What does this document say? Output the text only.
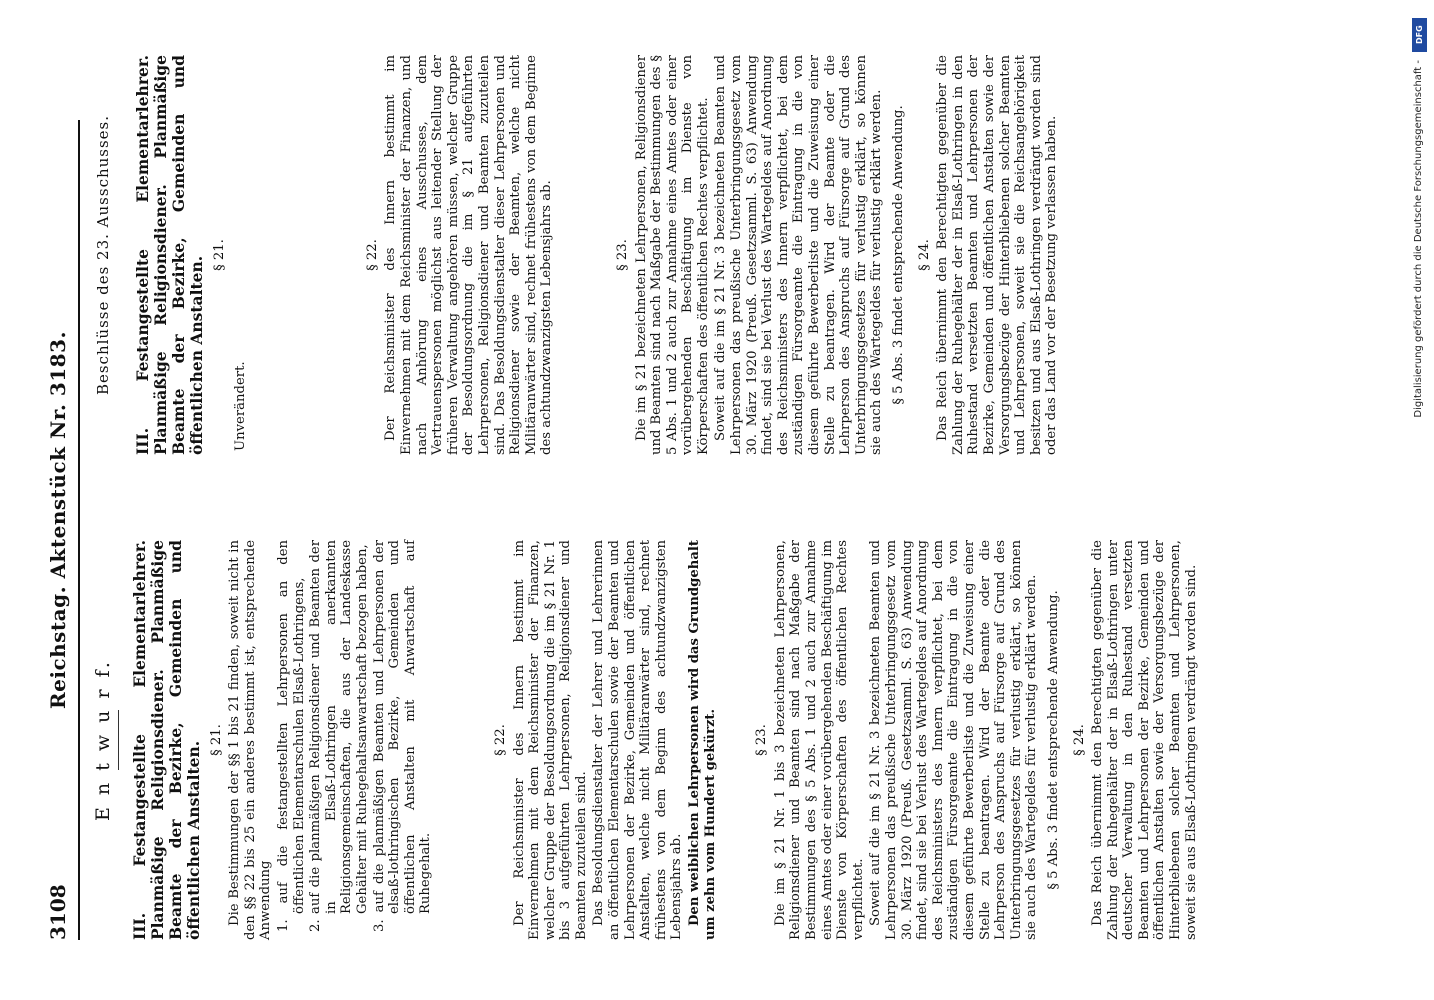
3108
Reichstag. Aktenstück Nr. 3183.
E n t w u r f. III. Festangestellte Elementarlehrer. Planmäßige Religionsdiener. Planmäßige Beamte der Bezirke, Gemeinden und öffentlichen Anstalten.
§ 21. Die Bestimmungen der §§ 1 bis 21 finden, soweit nicht in den §§ 22 bis 25 ein anderes bestimmt ist, entsprechende Anwendung 1. auf die festangestellten Lehrpersonen an den öffentlichen Elementarschulen Elsaß-Lothringens, 2. auf die planmäßigen Religionsdiener und Beamten der in Elsaß-Lothringen anerkannten Religionsgemeinschaften, die aus der Landeskasse Gehälter mit Ruhegehaltsanwartschaft bezogen haben, 3. auf die planmäßigen Beamten und Lehrpersonen der elsaß-lothringischen Bezirke, Gemeinden und öffentlichen Anstalten mit Anwartschaft auf Ruhegehalt.
§ 22. Der Reichsminister des Innern bestimmt im Einvernehmen mit dem Reichsminister der Finanzen, welcher Gruppe der Besoldungsordnung die im § 21 Nr. 1 bis 3 aufgeführten Lehrpersonen, Religionsdiener und Beamten zuzuteilen sind. Das Besoldungsdienstalter der Lehrer und Lehrerinnen an öffentlichen Elementarschulen sowie der Beamten und Lehrpersonen der Bezirke, Gemeinden und öffentlichen Anstalten, welche nicht Militäranwärter sind, rechnet frühestens von dem Beginn des achtundzwanzigsten Lebensjahrs ab. Den weiblichen Lehrpersonen wird das Grundgehalt um zehn vom Hundert gekürzt.	§ 23. Die im § 21 Nr. 1 bis 3 bezeichneten Lehrpersonen, Religionsdiener und Beamten sind nach Maßgabe der Bestimmungen des § 5 Abs. 1 und 2 auch zur Annahme eines Amtes oder einer vorübergehenden Beschäftigung im Dienste von Körperschaften des öffentlichen Rechtes verpflichtet. Soweit auf die im § 21 Nr. 3 bezeichneten Beamten und Lehrpersonen das preußische Unterbringungsgesetz vom 30. März 1920 (Preuß. Gesetzsamml. S. 63) Anwendung findet, sind sie bei Verlust des Wartegeldes auf Anordnung des Reichsministers des Innern verpflichtet, bei dem zuständigen Fürsorgeamte die Eintragung in die von diesem geführte Bewerberliste und die Zuweisung einer Stelle zu beantragen. Wird der Beamte oder die Lehrperson des Anspruchs auf Fürsorge auf Grund des Unterbringungsgesetzes für verlustig erklärt, so können sie auch des Wartegeldes für verlustig erklärt werden. § 5 Abs. 3 findet entsprechende Anwendung. § 24. Das Reich übernimmt den Berechtigten gegenüber die Zahlung der Ruhegehälter der in Elsaß-Lothringen unter deutscher Verwaltung in den Ruhestand versetzten Beamten und Lehrpersonen der Bezirke, Gemeinden und öffentlichen Anstalten sowie der Versorgungsbezüge der Hinterbliebenen solcher Beamten und Lehrpersonen, soweit sie aus Elsaß-Lothringen verdrängt worden sind.
Beschlüsse des 23. Ausschusses. III. Festangestellte Elementarlehrer. Planmäßige Religionsdiener. Planmäßige Beamte der Bezirke, Gemeinden und öffentlichen Anstalten.
§ 21.
Unverändert.
§ 22. Der Reichsminister des Innern bestimmt im Einvernehmen mit dem Reichsminister der Finanzen, und nach Anhörung eines Ausschusses, dem Vertrauenspersonen möglichst aus leitender Stellung der früheren Verwaltung angehören müssen, welcher Gruppe der Besoldungsordnung die im § 21 aufgeführten Lehrpersonen, Religionsdiener und Beamten zuzuteilen sind. Das Besoldungsdienstalter dieser Lehrpersonen und Religionsdiener sowie der Beamten, welche nicht Militäranwärter sind, rechnet frühestens von dem Beginne des achtundzwanzigsten Lebensjahrs ab.	§ 23. Die im § 21 bezeichneten Lehrpersonen, Religionsdiener und Beamten sind nach Maßgabe der Bestimmungen des § 5 Abs. 1 und 2 auch zur Annahme eines Amtes oder einer vorübergehenden Beschäftigung im Dienste von Körperschaften des öffentlichen Rechtes verpflichtet. Soweit auf die im § 21 Nr. 3 bezeichneten Beamten und Lehrpersonen das preußische Unterbringungsgesetz vom 30. März 1920 (Preuß. Gesetzsamml. S. 63) Anwendung findet, sind sie bei Verlust des Wartegeldes auf Anordnung des Reichsministers des Innern verpflichtet, bei dem zuständigen Fürsorgeamte die Eintragung in die von diesem geführte Bewerberliste und die Zuweisung einer Stelle zu beantragen. Wird der Beamte oder die Lehrperson des Anspruchs auf Fürsorge auf Grund des Unterbringungsgesetzes für verlustig erklärt, so können sie auch des Wartegeldes für verlustig erklärt werden. § 5 Abs. 3 findet entsprechende Anwendung. § 24. Das Reich übernimmt den Berechtigten gegenüber die Zahlung der Ruhegehälter der in Elsaß-Lothringen in den Ruhestand versetzten Beamten und Lehrpersonen der Bezirke, Gemeinden und öffentlichen Anstalten sowie der Versorgungsbezüge der Hinterbliebenen solcher Beamten und Lehrpersonen, soweit sie die Reichsangehörigkeit besitzen und aus Elsaß-Lothringen verdrängt worden sind oder das Land vor der Besetzung verlassen haben.
DFG
Digitalisierung gefördert durch die Deutsche Forschungsgemeinschaft -
